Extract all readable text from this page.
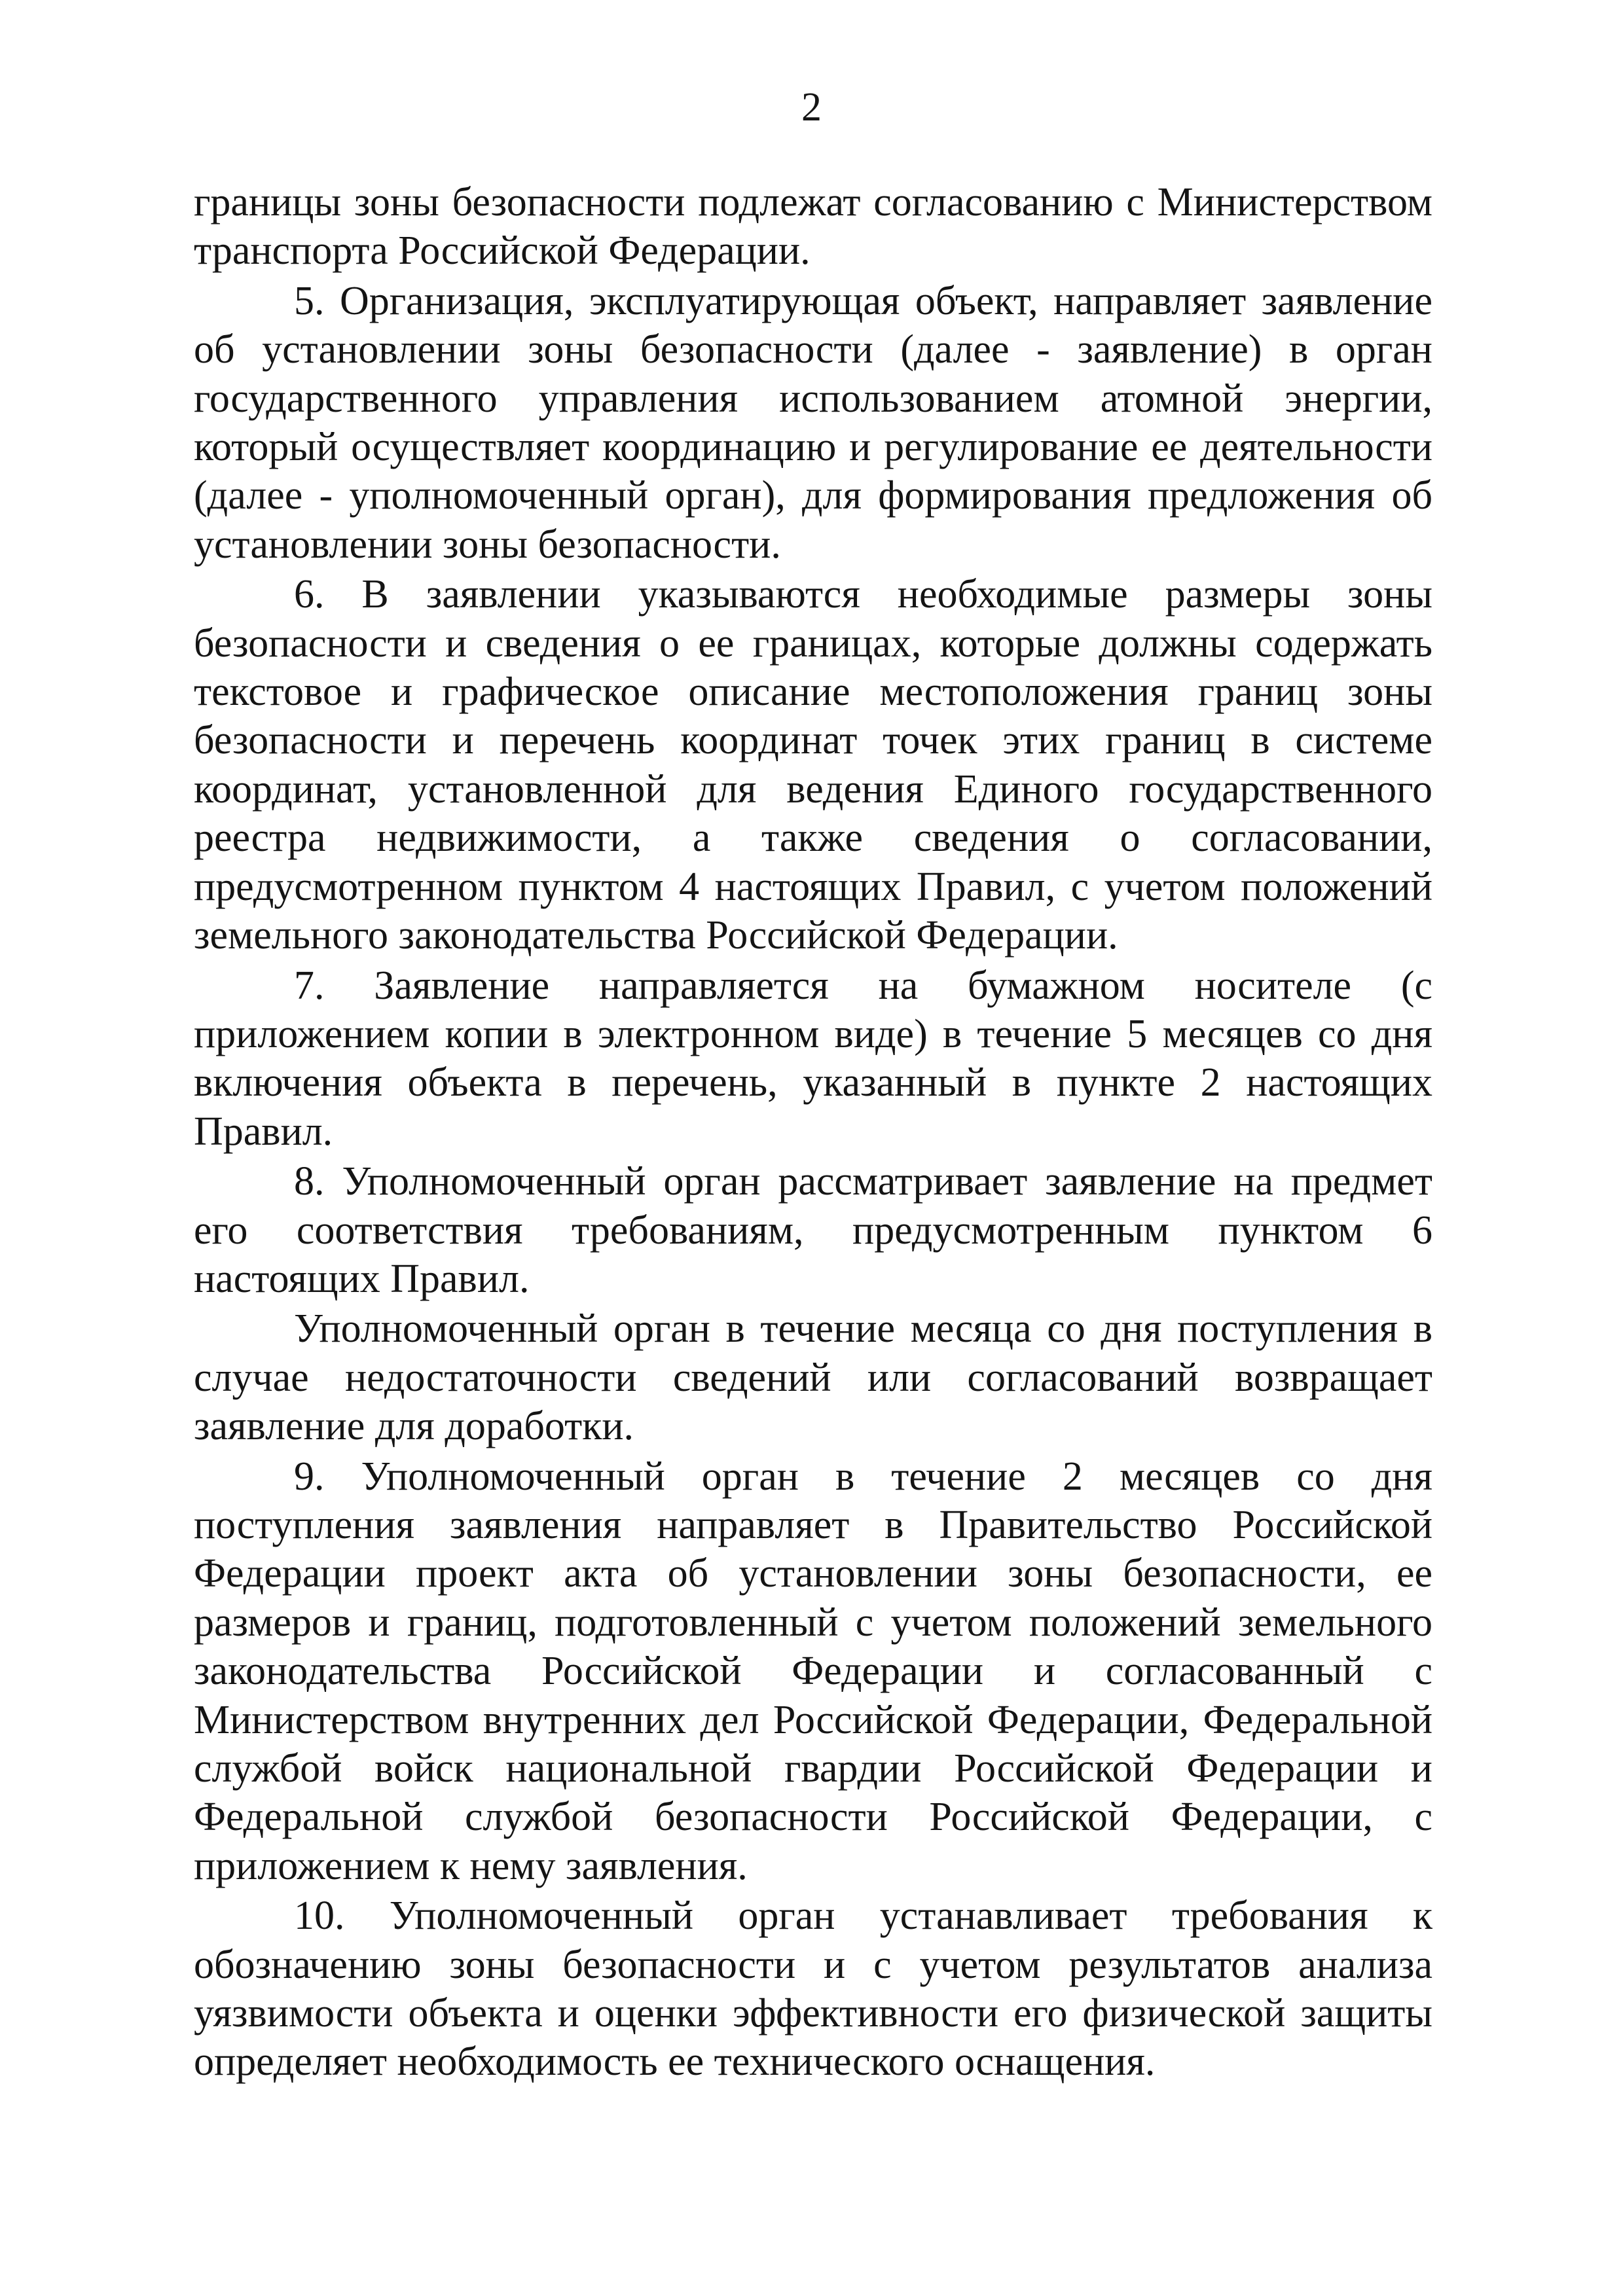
2

границы зоны безопасности подлежат согласованию с Министерством транспорта Российской Федерации.

5. Организация, эксплуатирующая объект, направляет заявление об установлении зоны безопасности (далее - заявление) в орган государственного управления использованием атомной энергии, который осуществляет координацию и регулирование ее деятельности (далее - уполномоченный орган), для формирования предложения об установлении зоны безопасности.

6. В заявлении указываются необходимые размеры зоны безопасности и сведения о ее границах, которые должны содержать текстовое и графическое описание местоположения границ зоны безопасности и перечень координат точек этих границ в системе координат, установленной для ведения Единого государственного реестра недвижимости, а также сведения о согласовании, предусмотренном пунктом 4 настоящих Правил, с учетом положений земельного законодательства Российской Федерации.

7. Заявление направляется на бумажном носителе (с приложением копии в электронном виде) в течение 5 месяцев со дня включения объекта в перечень, указанный в пункте 2 настоящих Правил.

8. Уполномоченный орган рассматривает заявление на предмет его соответствия требованиям, предусмотренным пунктом 6 настоящих Правил.

Уполномоченный орган в течение месяца со дня поступления в случае недостаточности сведений или согласований возвращает заявление для доработки.

9. Уполномоченный орган в течение 2 месяцев со дня поступления заявления направляет в Правительство Российской Федерации проект акта об установлении зоны безопасности, ее размеров и границ, подготовленный с учетом положений земельного законодательства Российской Федерации и согласованный с Министерством внутренних дел Российской Федерации, Федеральной службой войск национальной гвардии Российской Федерации и Федеральной службой безопасности Российской Федерации, с приложением к нему заявления.

10. Уполномоченный орган устанавливает требования к обозначению зоны безопасности и с учетом результатов анализа уязвимости объекта и оценки эффективности его физической защиты определяет необходимость ее технического оснащения.
